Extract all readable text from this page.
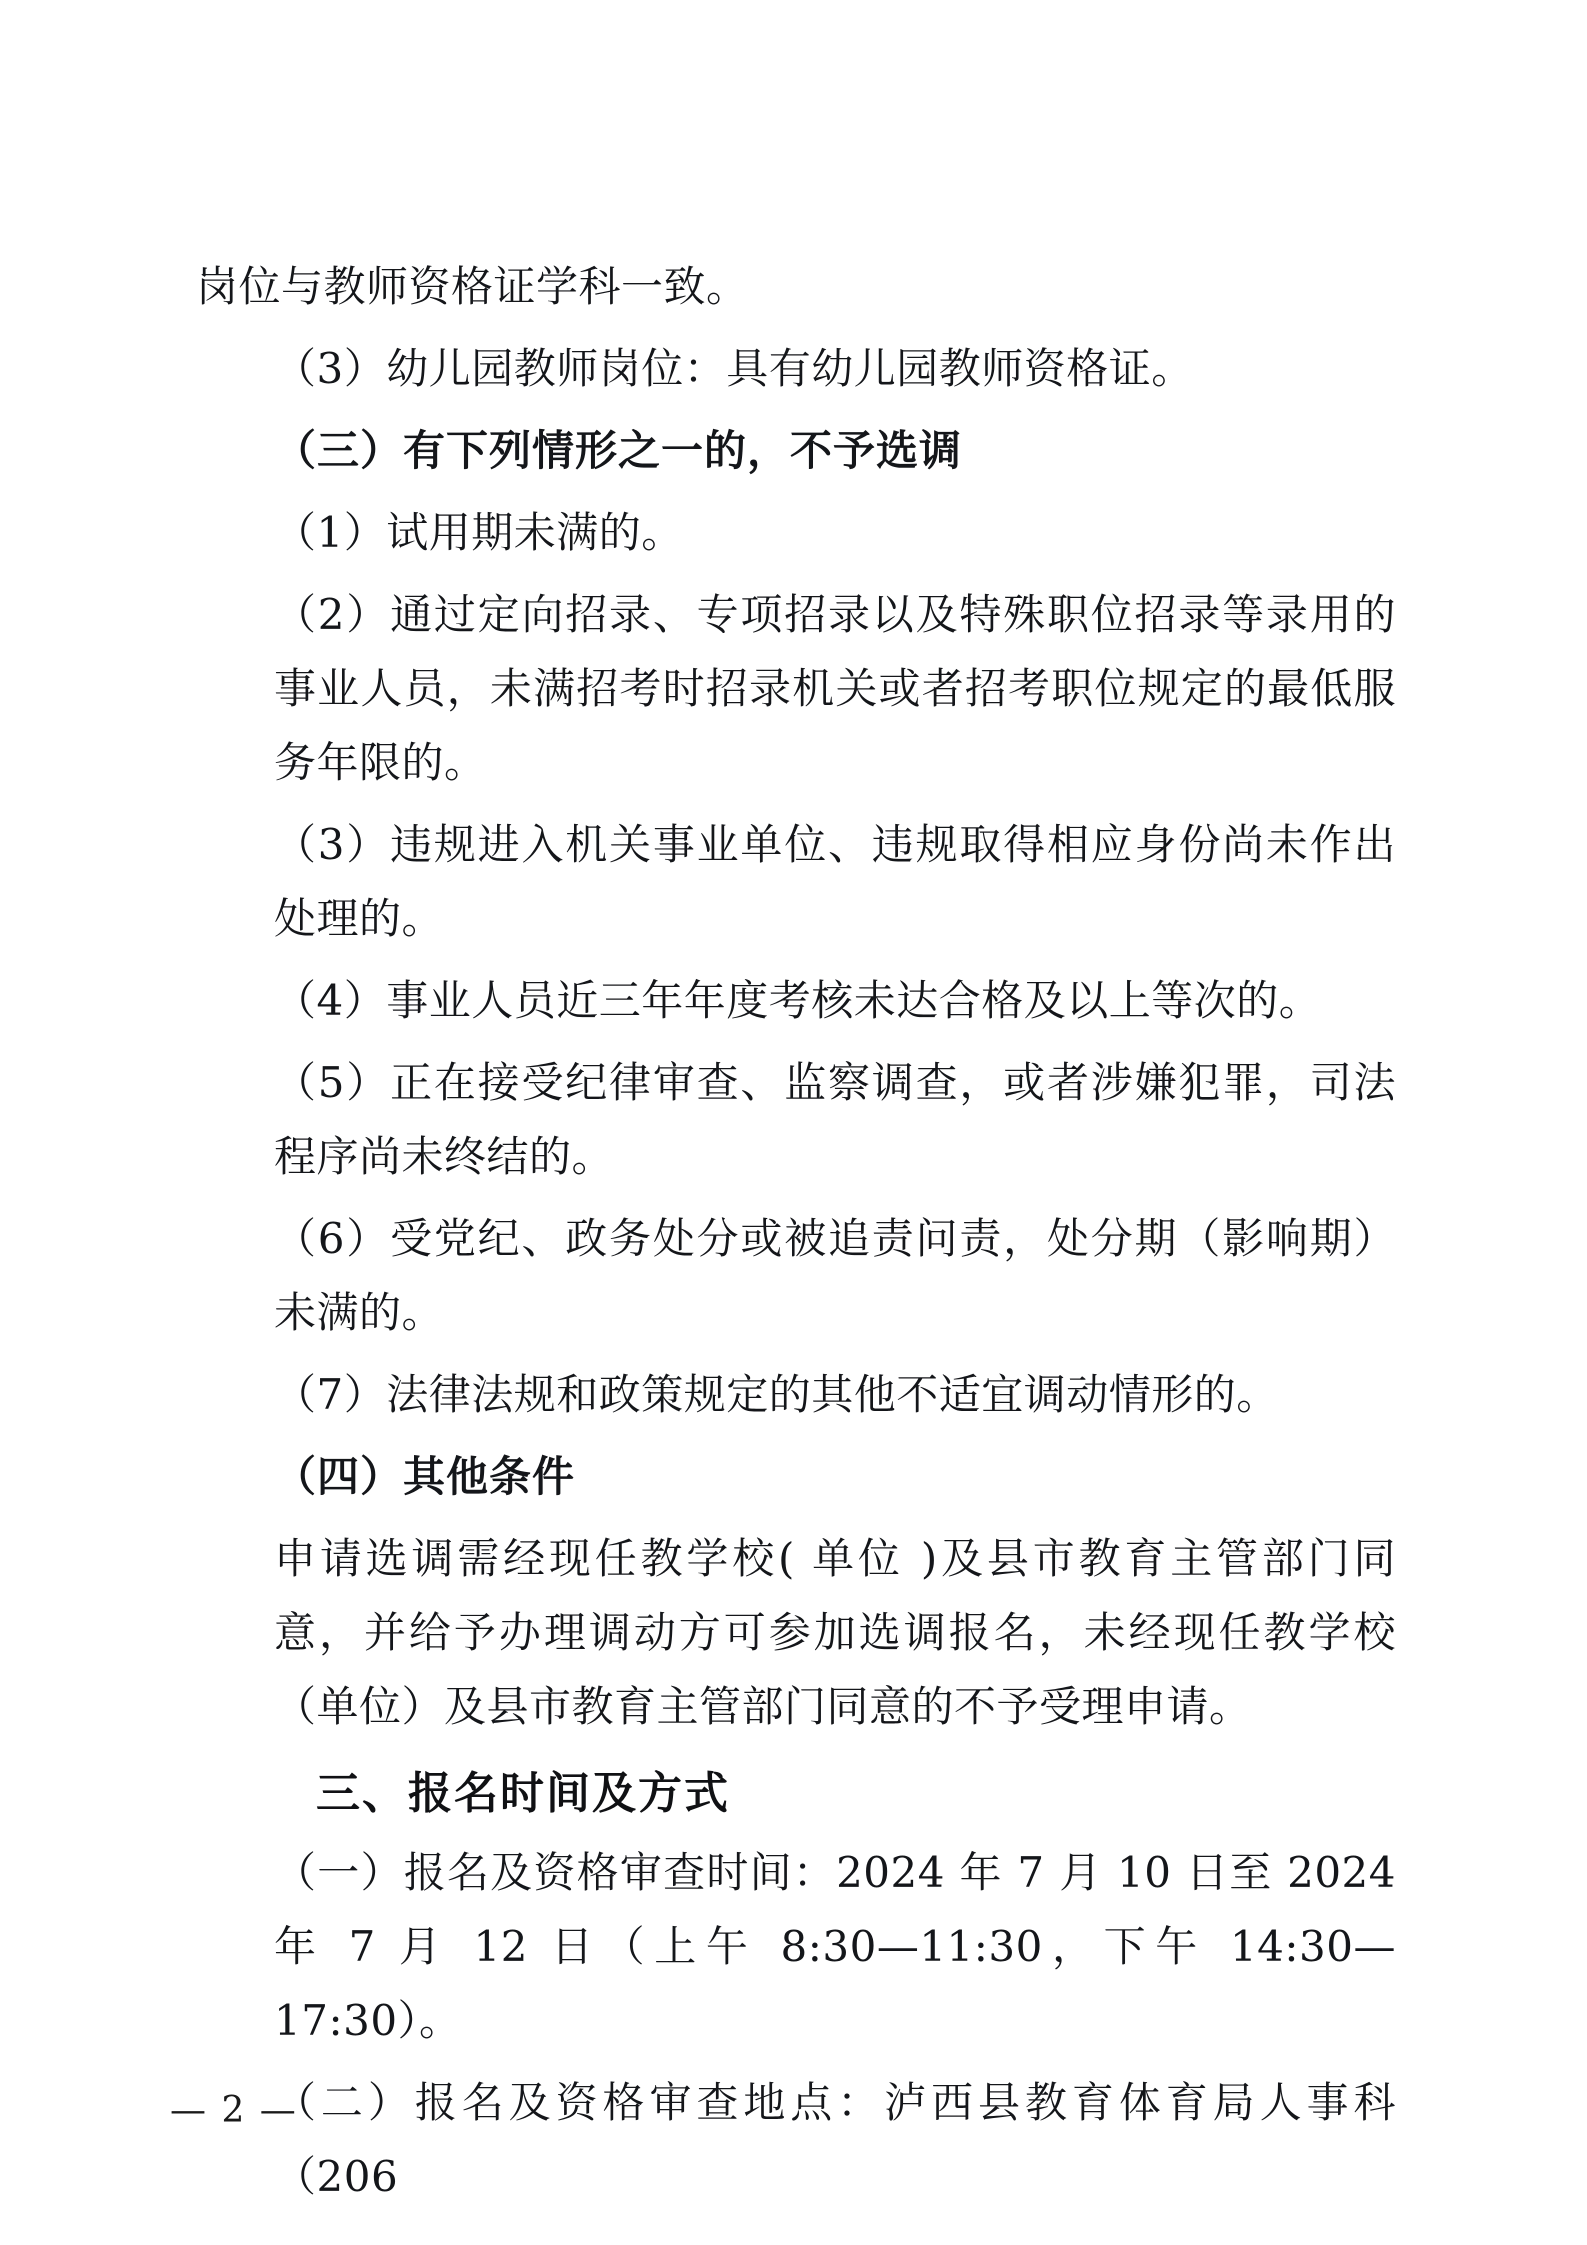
岗位与教师资格证学科一致。

（3）幼儿园教师岗位：具有幼儿园教师资格证。

（三）有下列情形之一的，不予选调

（1）试用期未满的。

（2）通过定向招录、专项招录以及特殊职位招录等录用的事业人员，未满招考时招录机关或者招考职位规定的最低服务年限的。

（3）违规进入机关事业单位、违规取得相应身份尚未作出处理的。

（4）事业人员近三年年度考核未达合格及以上等次的。

（5）正在接受纪律审查、监察调查，或者涉嫌犯罪，司法程序尚未终结的。

（6）受党纪、政务处分或被追责问责，处分期（影响期）未满的。

（7）法律法规和政策规定的其他不适宜调动情形的。

（四）其他条件

申请选调需经现任教学校( 单位 )及县市教育主管部门同意，并给予办理调动方可参加选调报名，未经现任教学校（单位）及县市教育主管部门同意的不予受理申请。

三、报名时间及方式

（一）报名及资格审查时间：2024 年 7 月 10 日至 2024 年 7 月 12 日（上午 8:30—11:30，下午 14:30—17:30）。

（二）报名及资格审查地点：泸西县教育体育局人事科（206

— 2 —
